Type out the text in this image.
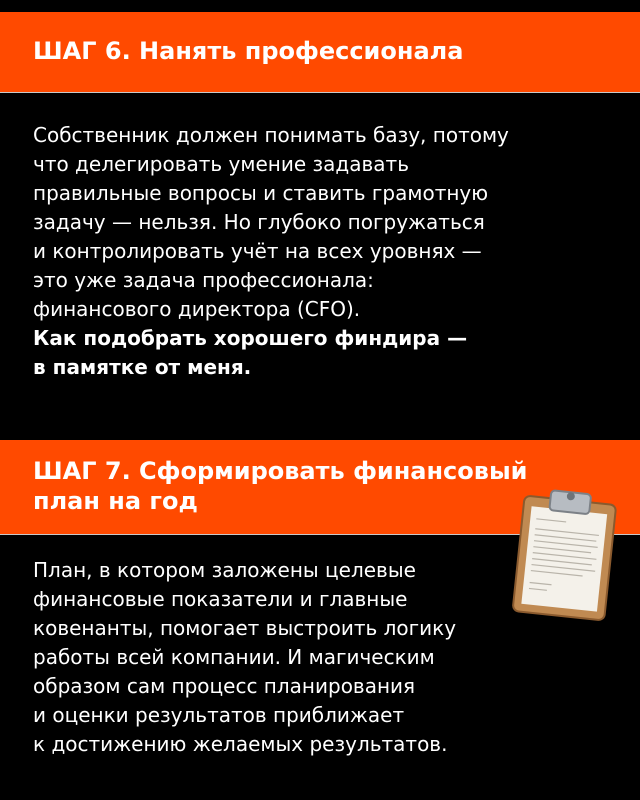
ШАГ 6. Нанять профессионала

Собственник должен понимать базу, потому
что делегировать умение задавать
правильные вопросы и ставить грамотную
задачу — нельзя. Но глубоко погружаться
и контролировать учёт на всех уровнях —
это уже задача профессионала:
финансового директора (CFO).
Как подобрать хорошего финдира —
в памятке от меня.

ШАГ 7. Сформировать финансовый
план на год

План, в котором заложены целевые
финансовые показатели и главные
ковенанты, помогает выстроить логику
работы всей компании. И магическим
образом сам процесс планирования
и оценки результатов приближает
к достижению желаемых результатов.
